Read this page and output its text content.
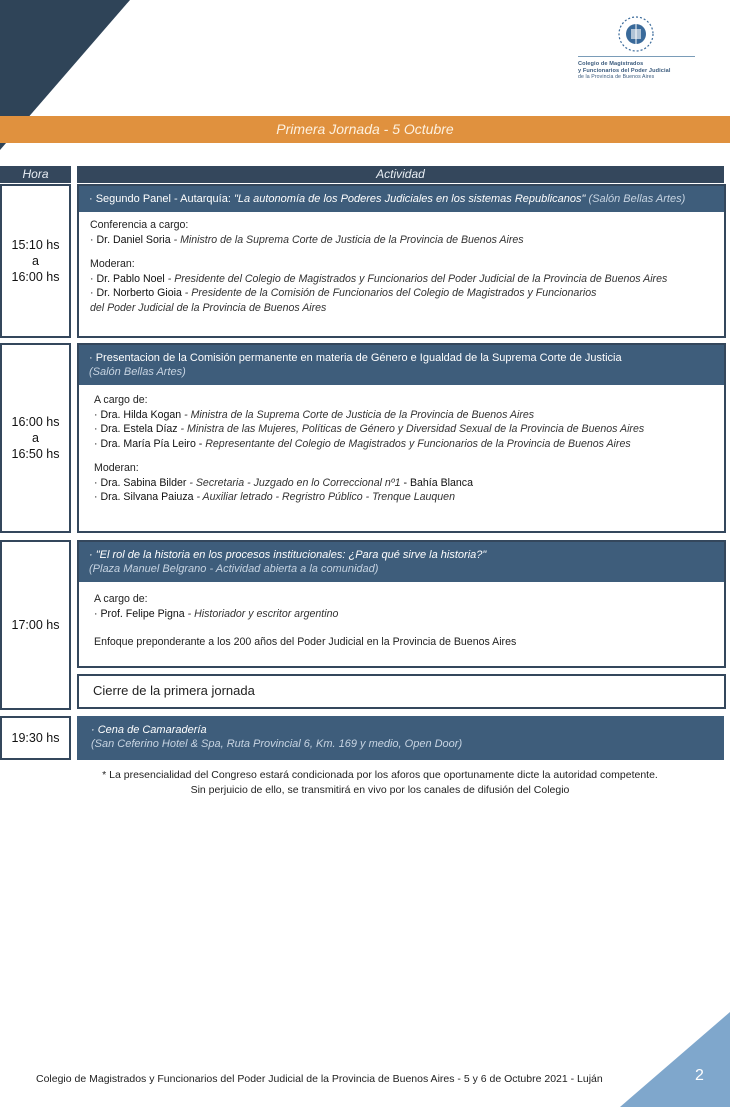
Colegio de Magistrados
y Funcionarios del Poder Judicial
de la Provincia de Buenos Aires
Primera Jornada - 5 Octubre
Hora	Actividad
15:10 hs
a
16:00 hs
· Segundo Panel - Autarquía: "La autonomía de los Poderes Judiciales en los sistemas Republicanos" (Salón Bellas Artes)
Conferencia a cargo:
· Dr. Daniel Soria - Ministro de la Suprema Corte de Justicia de la Provincia de Buenos Aires
Moderan:
· Dr. Pablo Noel - Presidente del Colegio de Magistrados y Funcionarios del Poder Judicial de la Provincia de Buenos Aires
· Dr. Norberto Gioia - Presidente de la Comisión de Funcionarios del Colegio de Magistrados y Funcionarios
del Poder Judicial de la Provincia de Buenos Aires
16:00 hs
a
16:50 hs
· Presentacion de la Comisión permanente en materia de Género e Igualdad de la Suprema Corte de Justicia
(Salón Bellas Artes)
A cargo de:
· Dra. Hilda Kogan - Ministra de la Suprema Corte de Justicia de la Provincia de Buenos Aires
· Dra. Estela Díaz - Ministra de las Mujeres, Políticas de Género y Diversidad Sexual de la Provincia de Buenos Aires
· Dra. María Pía Leiro - Representante del Colegio de Magistrados y Funcionarios de la Provincia de Buenos Aires
Moderan:
· Dra. Sabina Bilder - Secretaria - Juzgado en lo Correccional nº1 - Bahía Blanca
· Dra. Silvana Paiuza - Auxiliar letrado - Regristro Público - Trenque Lauquen
17:00 hs
· "El rol de la historia en los procesos institucionales: ¿Para qué sirve la historia?"
(Plaza Manuel Belgrano - Actividad abierta a la comunidad)
A cargo de:
· Prof. Felipe Pigna - Historiador y escritor argentino
Enfoque preponderante a los 200 años del Poder Judicial en la Provincia de Buenos Aires
Cierre de la primera jornada
19:30 hs
· Cena de Camaradería
(San Ceferino Hotel & Spa, Ruta Provincial 6, Km. 169 y medio, Open Door)
* La presencialidad del Congreso estará condicionada por los aforos que oportunamente dicte la autoridad competente.
Sin perjuicio de ello, se transmitirá en vivo por los canales de difusión del Colegio
Colegio de Magistrados y Funcionarios del Poder Judicial de la Provincia de Buenos Aires - 5 y 6 de Octubre 2021 - Luján	2
